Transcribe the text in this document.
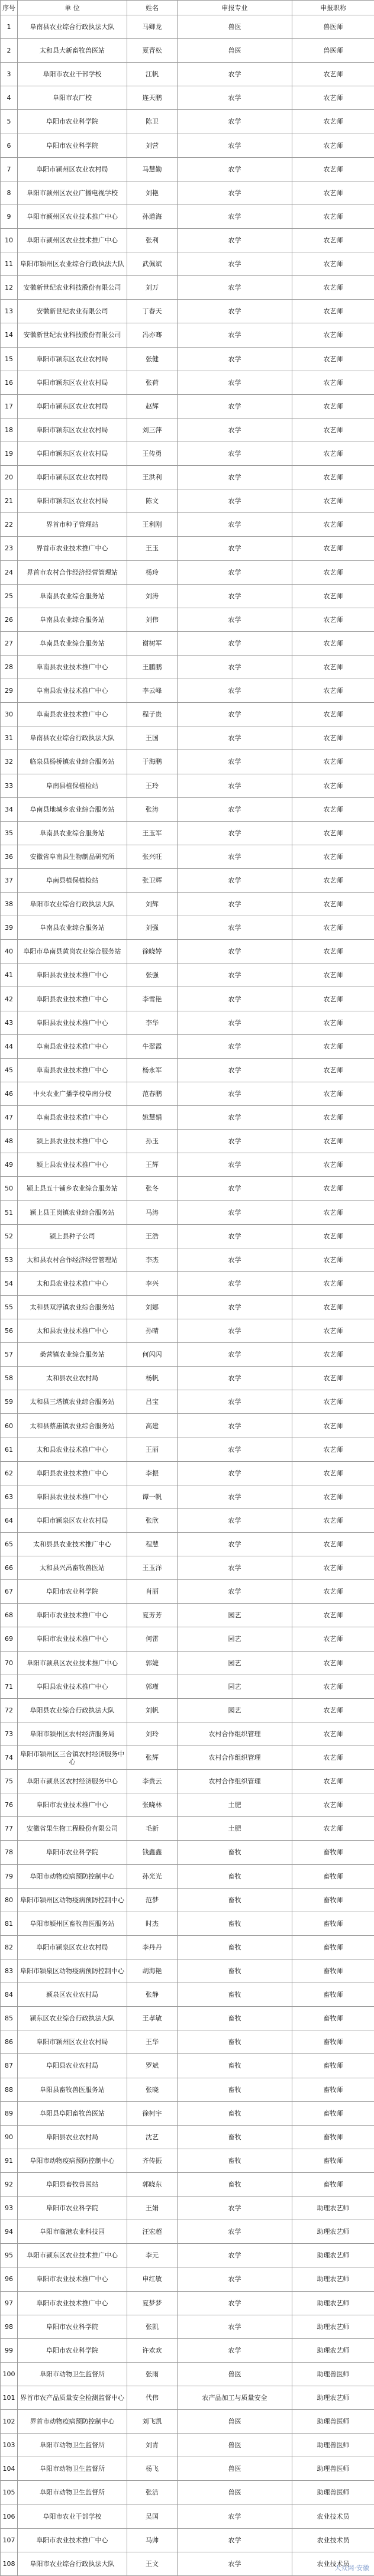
序号	单 位	姓名	申报专业	申报职称
1	阜南县农业综合行政执法大队	马卿龙	兽医	兽医师
2	太和县大新畜牧兽医站	夏青松	兽医	兽医师
3	阜阳市农业干部学校	江帆	农学	农艺师
4	阜阳市农厂校	连天鹏	农学	农艺师
5	阜阳市农业科学院	陈卫	农学	农艺师
6	阜阳市农业科学院	刘营	农学	农艺师
7	阜阳市颍州区农业农村局	马慧勤	农学	农艺师
8	阜阳市颍州区农业广播电视学校	刘艳	农学	农艺师
9	阜阳市颍州区农业技术推广中心	孙道海	农学	农艺师
10	阜阳市颍州区农业技术推广中心	张利	农学	农艺师
11	阜阳市颍州区农业综合行政执法大队	武佩斌	农学	农艺师
12	安徽新世纪农业科技股份有限公司	刘万	农学	农艺师
13	安徽新世纪农业有限公司	丁春天	农学	农艺师
14	安徽新世纪农业科技股份有限公司	冯亦骞	农学	农艺师
15	阜阳市颍东区农业农村局	张健	农学	农艺师
16	阜阳市颍东区农业农村局	张荷	农学	农艺师
17	阜阳市颍东区农业农村局	赵辉	农学	农艺师
18	阜阳市颍东区农业农村局	刘三萍	农学	农艺师
19	阜阳市颍东区农业农村局	王传勇	农学	农艺师
20	阜阳市颍东区农业农村局	王洪利	农学	农艺师
21	阜阳市颍东区农业农村局	陈文	农学	农艺师
22	界首市种子管理站	王利刚	农学	农艺师
23	界首市农业技术推广中心	王玉	农学	农艺师
24	界首市农村合作经济经营管理站	杨玲	农学	农艺师
25	阜南县农业综合服务站	刘涛	农学	农艺师
26	阜南县农业综合服务站	刘伟	农学	农艺师
27	阜南县农业综合服务站	谢树军	农学	农艺师
28	阜南县农业技术推广中心	王鹏鹏	农学	农艺师
29	阜南县农业技术推广中心	李云峰	农学	农艺师
30	阜南县农业技术推广中心	程子贵	农学	农艺师
31	阜南县农业综合行政执法大队	王国	农学	农艺师
32	临泉县杨桥镇农业综合服务站	于海鹏	农学	农艺师
33	阜南县植保植检站	王玲	农学	农艺师
34	阜南县地城乡农业综合服务站	张涛	农学	农艺师
35	阜南县农业综合服务站	王玉军	农学	农艺师
36	安徽省阜南县生物制品研究所	张兴旺	农学	农艺师
37	阜南县植保植检站	张卫辉	农学	农艺师
38	阜阳市农业综合行政执法大队	刘辉	农学	农艺师
39	阜南县农业综合服务站	刘强	农学	农艺师
40	阜阳市阜南县黄岗农业综合服务站	徐晓婷	农学	农艺师
41	阜阳县农业技术推广中心	张强	农学	农艺师
42	阜阳县农业技术推广中心	李雪艳	农学	农艺师
43	阜阳县农业技术推广中心	李华	农学	农艺师
44	阜南县农业技术推广中心	牛翠霞	农学	农艺师
45	阜南县农业技术推广中心	杨永军	农学	农艺师
46	中央农业广播学校阜南分校	范春鹏	农学	农艺师
47	阜南县农业技术推广中心	姚慧娟	农学	农艺师
48	颍上县农业技术推广中心	孙玉	农学	农艺师
49	颍上县农业技术推广中心	王辉	农学	农艺师
50	颍上县五十铺乡农业综合服务站	张冬	农学	农艺师
51	颍上县王岗镇农业综合服务站	马涛	农学	农艺师
52	颍上县种子公司	王浩	农学	农艺师
53	太和县农村合作经济经营管理站	李杰	农学	农艺师
54	太和县农业技术推广中心	李兴	农学	农艺师
55	太和县双浮镇农业综合服务站	刘娜	农学	农艺师
56	太和县农业技术推广中心	孙晴	农学	农艺师
57	桑营镇农业综合服务站	何闪闪	农学	农艺师
58	太和县农业农村局	杨帆	农学	农艺师
59	太和县三塔镇农业综合服务站	吕宝	农学	农艺师
60	太和县蔡庙镇农业综合服务站	高建	农学	农艺师
61	太和县农业技术推广中心	王丽	农学	农艺师
62	阜阳县农业技术推广中心	李振	农学	农艺师
63	阜阳县农业技术推广中心	谭一帆	农学	农艺师
64	阜阳市颍泉区农业农村局	张欣	农学	农艺师
65	太和县县农业技术推广中心	程慧	农学	农艺师
66	太和县兴禹畜牧兽医站	王玉洋	农学	农艺师
67	阜阳市农业科学院	肖丽	农学	农艺师
68	阜阳市农业技术推广中心	夏芳芳	园艺	农艺师
69	阜阳市农业技术推广中心	何雷	园艺	农艺师
70	阜阳市颍泉区农业技术推广中心	郭婕	园艺	农艺师
71	阜阳县农业技术推广中心	郭瑾	园艺	农艺师
72	阜阳县农业综合行政执法大队	刘帆	园艺	农艺师
73	阜阳市颍州区农村经济服务局	刘玲	农村合作组织管理	农艺师
74	阜阳市颍州区三合镇农村经济服务中心	张辉	农村合作组织管理	农艺师
75	阜阳市颍泉区农村经济服务中心	李贵云	农村合作组织管理	农艺师
76	阜阳市农业技术推广中心	张晓林	土肥	农艺师
77	安徽省果生物工程股份有限公司	毛新	土肥	农艺师
78	阜阳市农业科学院	钱鑫鑫	畜牧	畜牧师
79	阜阳市动物疫病预防控制中心	孙光光	畜牧	畜牧师
80	阜阳市颍州区动物疫病预防控制中心	范梦	畜牧	畜牧师
81	阜阳市颍州区畜牧兽医服务站	时杰	畜牧	畜牧师
82	阜阳市颍泉区农业农村局	李丹丹	畜牧	畜牧师
83	阜阳市颍泉区动物疫病预防控制中心	胡海艳	畜牧	畜牧师
84	颍泉区农业农村局	张静	畜牧	畜牧师
85	颍东区农业综合行政执法大队	王孝敏	畜牧	畜牧师
86	阜阳市颍州区农业农村局	王华	畜牧	畜牧师
87	阜阳县农业农村局	罗斌	畜牧	畜牧师
88	阜阳县畜牧兽医服务站	张晓	畜牧	畜牧师
89	阜阳县阜阳畜牧兽医站	徐柯宇	畜牧	畜牧师
90	阜阳县农业农村局	沈艺	畜牧	畜牧师
91	阜阳市动物疫病预防控制中心	齐传振	畜牧	畜牧师
92	阜阳县畜牧兽医站	郭晓东	畜牧	畜牧师
93	阜阳市农业科学院	王娟	农学	助理农艺师
94	阜阳市临港农业科技园	汪宏超	农学	助理农艺师
95	阜阳市颍东区农业技术推广中心	李元	农学	助理农艺师
96	阜阳市农业技术推广中心	申红敏	农学	助理农艺师
97	阜阳市农业技术推广中心	夏梦梦	农学	助理农艺师
98	阜阳市农业科学院	张凯	农学	助理农艺师
99	阜阳市农业科学院	许欢欢	农学	助理农艺师
100	阜阳市动物卫生监督所	张雨	兽医	助理兽医师
101	界首市农产品质量安全检测监督中心	代伟	农产品加工与质量安全	助理农艺师
102	界首市动物疫病预防控制中心	刘飞凯	兽医	助理兽医师
103	阜阳市动物卫生监督所	刘青	兽医	助理兽医师
104	阜阳市动物卫生监督所	杨飞	兽医	助理兽医师
105	阜阳市动物卫生监督所	张洁	兽医	助理兽医师
106	阜阳市农业干部学校	吴国	农学	农业技术员
107	阜阳市农业技术推广中心	马帅	农学	农业技术员
108	阜阳市农业综合行政执法大队	王文	农学	农业技术员
大众网·安徽
